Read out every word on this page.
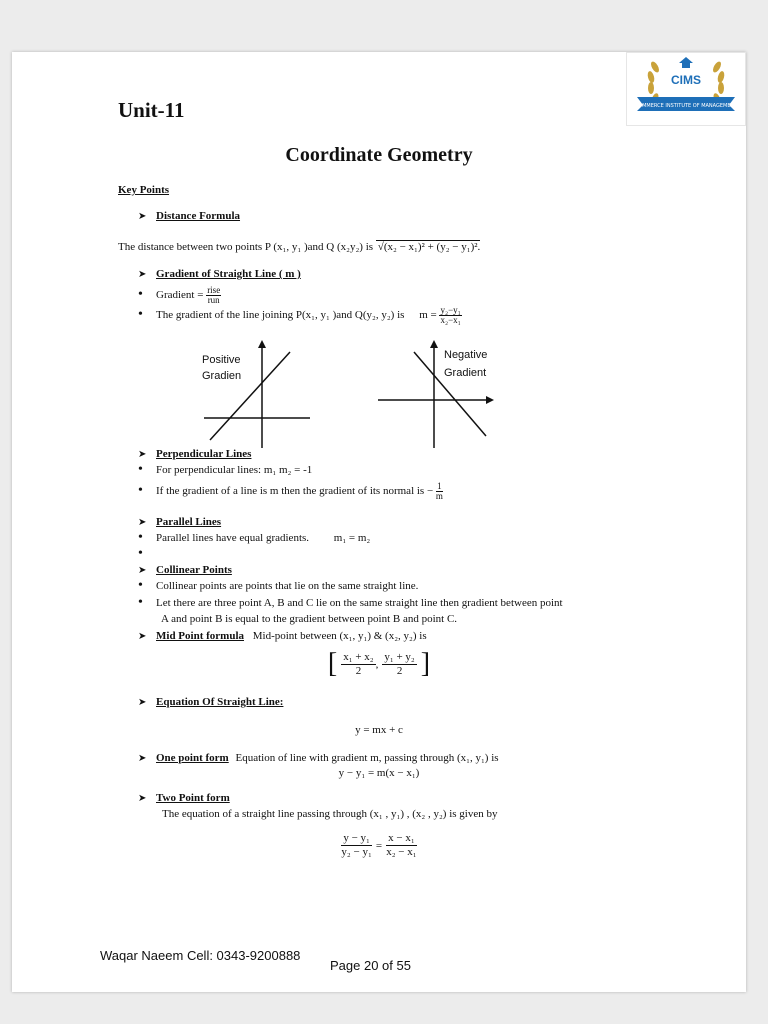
COMMERCE INSTITUTE OF MANAGEMENT
CIMS
Unit-11
Coordinate Geometry
Key Points
➤ Distance Formula
The distance between two points P (x₁, y₁ )and Q (x₂y₂) is √(x₂ − x₁)² + (y₂ − y₁)².
➤ Gradient of Straight Line ( m )
• Gradient = $\frac{\text{rise}}{\text{run}}$
• The gradient of the line joining P(x₁, y₁ )and Q(y₂, y₂) is $m = \frac{\text{y₂−y₁}}{\text{x₂−x₁}}$
Positive
Gradien
Negative
Gradient
➤ Perpendicular Lines
• For perpendicular lines: m₁ m₂ = -1
• If the gradient of a line is m then the gradient of its normal is − $\frac{1}{m}$
➤ Parallel Lines
• Parallel lines have equal gradients. m₁ = m₂
•
➤ Collinear Points
• Collinear points are points that lie on the same straight line.
• Let there are three point A, B and C lie on the same straight line then gradient between point
A and point B is equal to the gradient between point B and point C.
➤ Mid Point formula Mid-point between (x₁, y₁) & (x₂, y₂) is
[ $\frac{\text{x₁ + x₂}}{2}$ , $\frac{\text{y₁ + y₂}}{2}$ ]
➤ Equation Of Straight Line:
y = mx + c
➤ One point form Equation of line with gradient m, passing through (x₁, y₁) is
y − y₁ = m(x − x₁)
➤ Two Point form
The equation of a straight line passing through (x₁ , y₁) , (x₂ , y₂) is given by
$\frac{\text{y − y₁}}{\text{y₂ − y₁}} = \frac{\text{x − x₁}}{\text{x₂ − x₁}}$
Waqar Naeem Cell: 0343-9200888
Page 20 of 55
